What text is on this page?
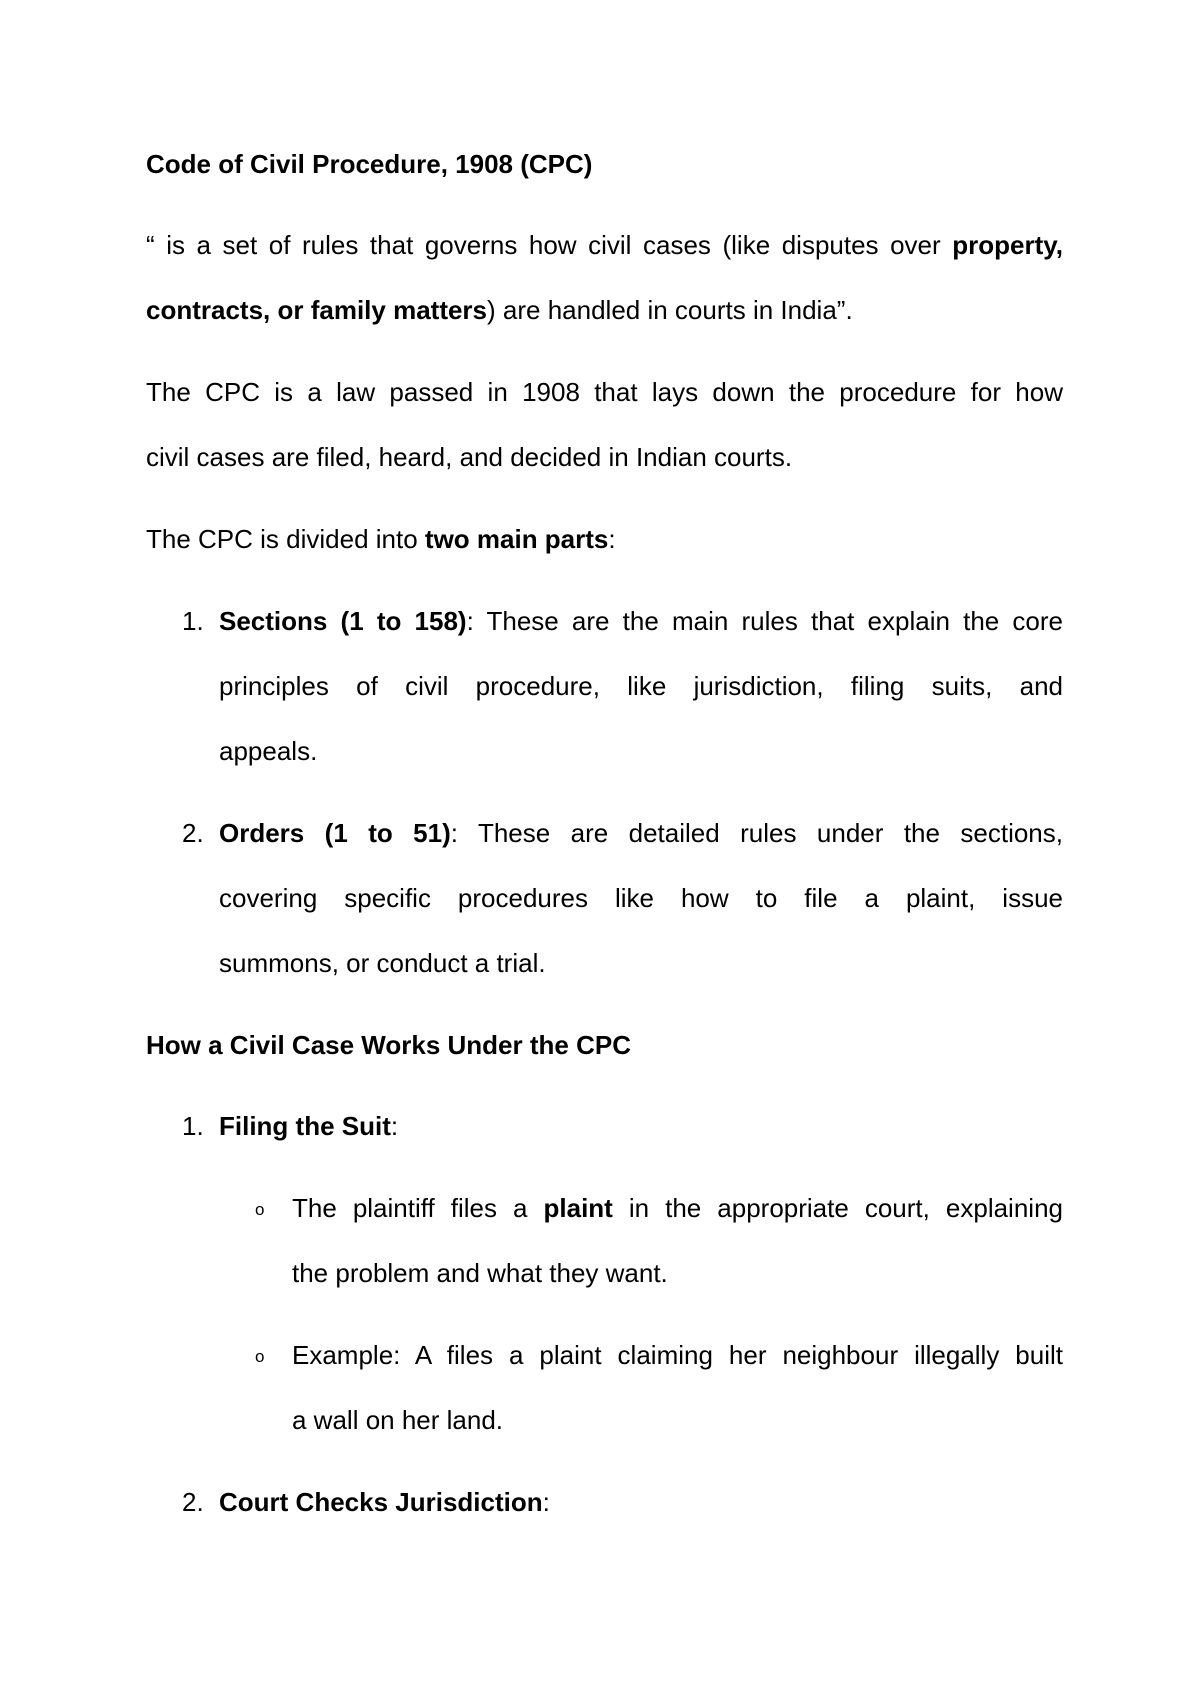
Code of Civil Procedure, 1908 (CPC)
“ is a set of rules that governs how civil cases (like disputes over property,
contracts, or family matters) are handled in courts in India”.
The CPC is a law passed in 1908 that lays down the procedure for how
civil cases are filed, heard, and decided in Indian courts.
The CPC is divided into two main parts:
1. Sections (1 to 158): These are the main rules that explain the core
principles of civil procedure, like jurisdiction, filing suits, and
appeals.
2. Orders (1 to 51): These are detailed rules under the sections,
covering specific procedures like how to file a plaint, issue
summons, or conduct a trial.
How a Civil Case Works Under the CPC
1. Filing the Suit:
o The plaintiff files a plaint in the appropriate court, explaining
the problem and what they want.
o Example: A files a plaint claiming her neighbour illegally built
a wall on her land.
2. Court Checks Jurisdiction:
